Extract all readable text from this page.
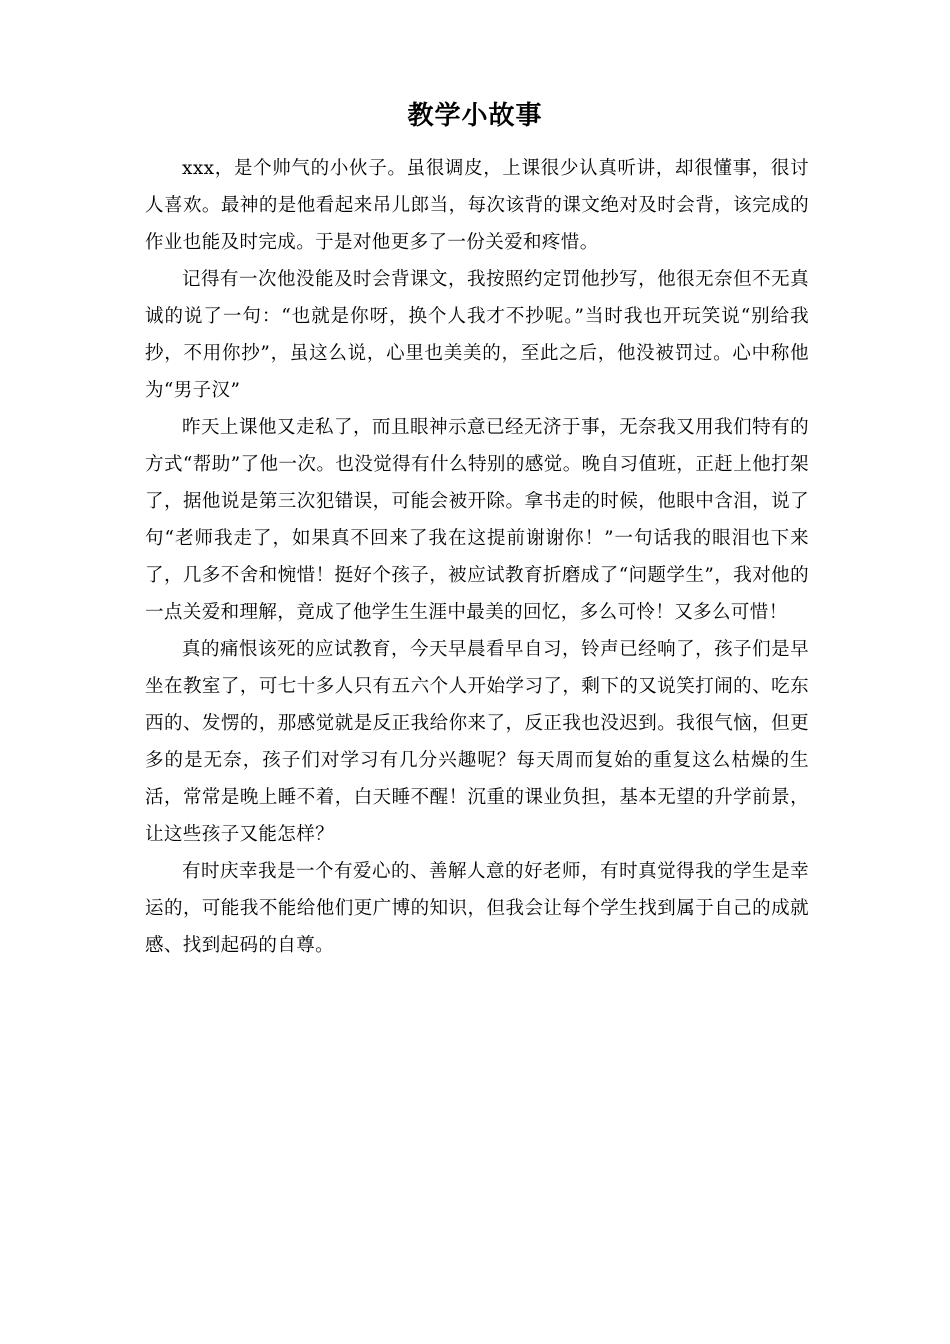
教学小故事

xxx，是个帅气的小伙子。虽很调皮，上课很少认真听讲，却很懂事，很讨人喜欢。最神的是他看起来吊儿郎当，每次该背的课文绝对及时会背，该完成的作业也能及时完成。于是对他更多了一份关爱和疼惜。

记得有一次他没能及时会背课文，我按照约定罚他抄写，他很无奈但不无真诚的说了一句：“也就是你呀，换个人我才不抄呢。”当时我也开玩笑说“别给我抄，不用你抄”，虽这么说，心里也美美的，至此之后，他没被罚过。心中称他为“男子汉”

昨天上课他又走私了，而且眼神示意已经无济于事，无奈我又用我们特有的方式“帮助”了他一次。也没觉得有什么特别的感觉。晚自习值班，正赶上他打架了，据他说是第三次犯错误，可能会被开除。拿书走的时候，他眼中含泪，说了句“老师我走了，如果真不回来了我在这提前谢谢你！”一句话我的眼泪也下来了，几多不舍和惋惜！挺好个孩子，被应试教育折磨成了“问题学生”，我对他的一点关爱和理解，竟成了他学生生涯中最美的回忆，多么可怜！又多么可惜！

真的痛恨该死的应试教育，今天早晨看早自习，铃声已经响了，孩子们是早坐在教室了，可七十多人只有五六个人开始学习了，剩下的又说笑打闹的、吃东西的、发愣的，那感觉就是反正我给你来了，反正我也没迟到。我很气恼，但更多的是无奈，孩子们对学习有几分兴趣呢？每天周而复始的重复这么枯燥的生活，常常是晚上睡不着，白天睡不醒！沉重的课业负担，基本无望的升学前景，让这些孩子又能怎样？

有时庆幸我是一个有爱心的、善解人意的好老师，有时真觉得我的学生是幸运的，可能我不能给他们更广博的知识，但我会让每个学生找到属于自己的成就感、找到起码的自尊。
